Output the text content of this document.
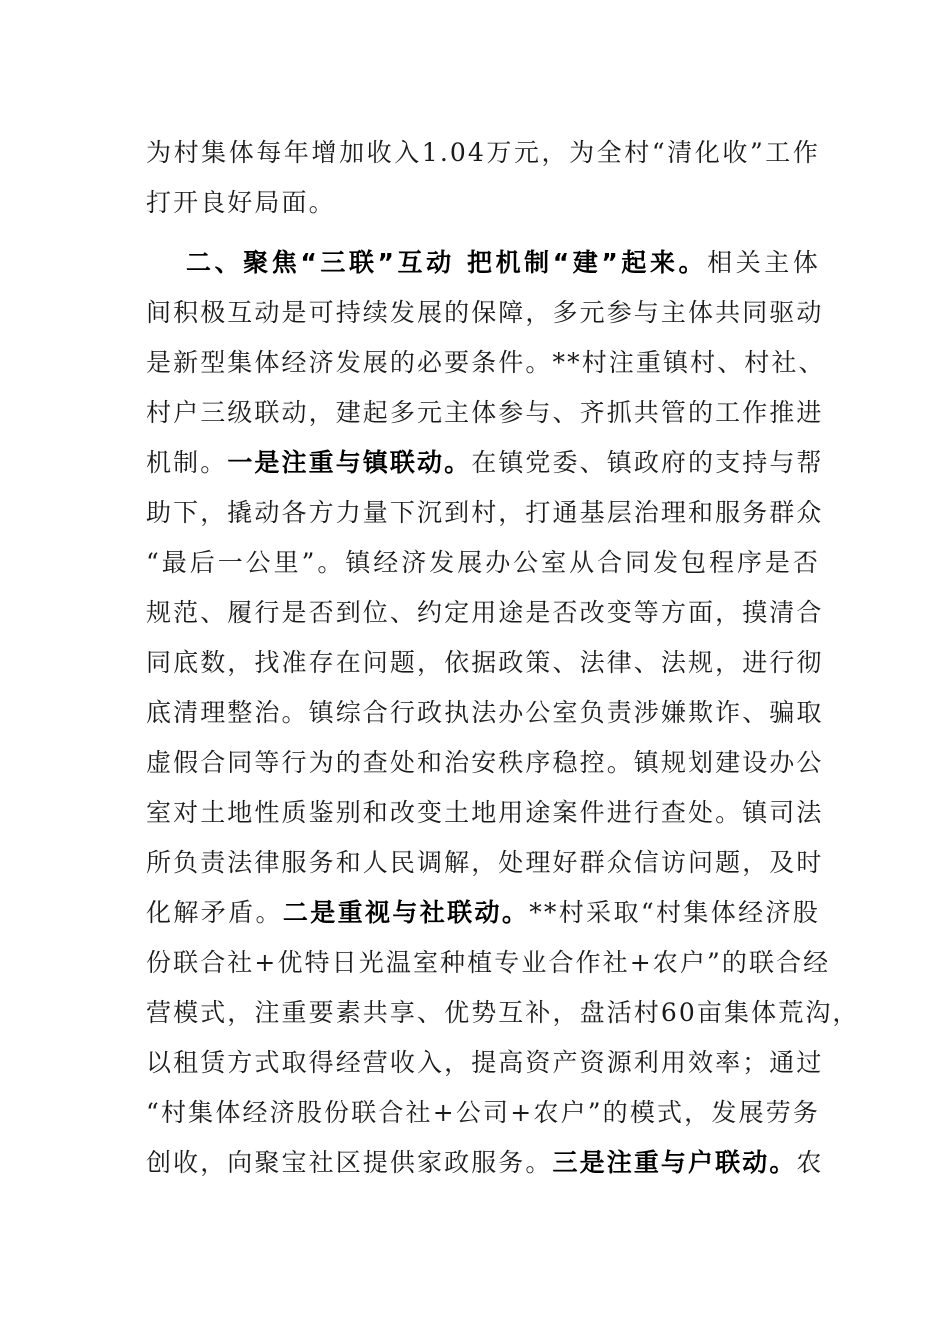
为村集体每年增加收入1.04万元，为全村“清化收”工作
打开良好局面。
二、聚焦“三联”互动 把机制“建”起来。相关主体
间积极互动是可持续发展的保障，多元参与主体共同驱动
是新型集体经济发展的必要条件。**村注重镇村、村社、
村户三级联动，建起多元主体参与、齐抓共管的工作推进
机制。一是注重与镇联动。在镇党委、镇政府的支持与帮
助下，撬动各方力量下沉到村，打通基层治理和服务群众
“最后一公里”。镇经济发展办公室从合同发包程序是否
规范、履行是否到位、约定用途是否改变等方面，摸清合
同底数，找准存在问题，依据政策、法律、法规，进行彻
底清理整治。镇综合行政执法办公室负责涉嫌欺诈、骗取
虚假合同等行为的查处和治安秩序稳控。镇规划建设办公
室对土地性质鉴别和改变土地用途案件进行查处。镇司法
所负责法律服务和人民调解，处理好群众信访问题，及时
化解矛盾。二是重视与社联动。**村采取“村集体经济股
份联合社+优特日光温室种植专业合作社+农户”的联合经
营模式，注重要素共享、优势互补，盘活村60亩集体荒沟，
以租赁方式取得经营收入，提高资产资源利用效率；通过
“村集体经济股份联合社+公司+农户”的模式，发展劳务
创收，向聚宝社区提供家政服务。三是注重与户联动。农
